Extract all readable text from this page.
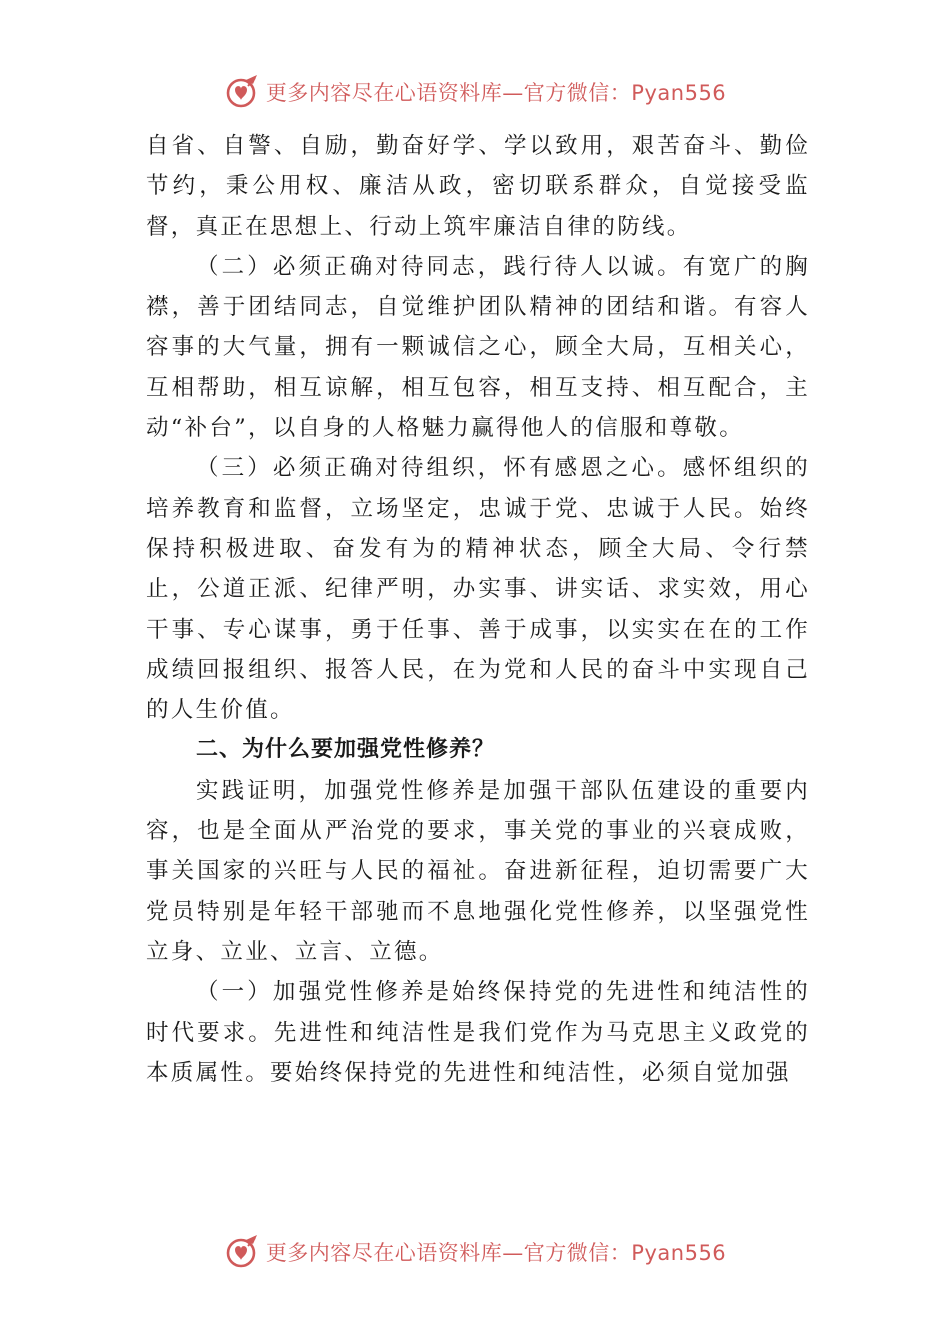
更多内容尽在心语资料库—官方微信：Pyan556

自省、自警、自励，勤奋好学、学以致用，艰苦奋斗、勤俭节约，秉公用权、廉洁从政，密切联系群众，自觉接受监督，真正在思想上、行动上筑牢廉洁自律的防线。

（二）必须正确对待同志，践行待人以诚。有宽广的胸襟，善于团结同志，自觉维护团队精神的团结和谐。有容人容事的大气量，拥有一颗诚信之心，顾全大局，互相关心， 互相帮助，相互谅解，相互包容，相互支持、相互配合，主动“补台”，以自身的人格魅力赢得他人的信服和尊敬。

（三）必须正确对待组织，怀有感恩之心。感怀组织的培养教育和监督，立场坚定，忠诚于党、忠诚于人民。始终保持积极进取、奋发有为的精神状态，顾全大局、令行禁止，公道正派、纪律严明，办实事、讲实话、求实效，用心干事、专心谋事，勇于任事、善于成事，以实实在在的工作成绩回报组织、报答人民，在为党和人民的奋斗中实现自己的人生价值。

二、为什么要加强党性修养？

实践证明，加强党性修养是加强干部队伍建设的重要内容，也是全面从严治党的要求，事关党的事业的兴衰成败， 事关国家的兴旺与人民的福祉。奋进新征程，迫切需要广大党员特别是年轻干部驰而不息地强化党性修养，以坚强党性立身、立业、立言、立德。

（一）加强党性修养是始终保持党的先进性和纯洁性的时代要求。先进性和纯洁性是我们党作为马克思主义政党的本质属性。要始终保持党的先进性和纯洁性，必须自觉加强

更多内容尽在心语资料库—官方微信：Pyan556
